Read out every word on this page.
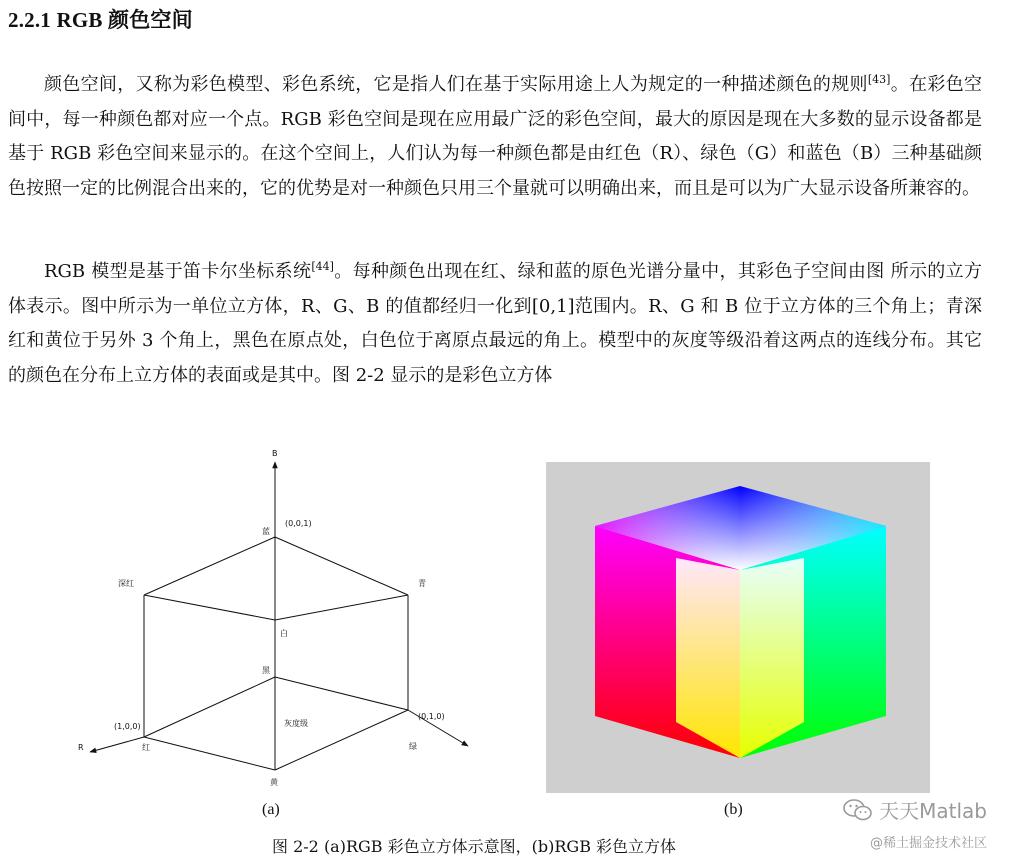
2.2.1 RGB 颜色空间
颜色空间，又称为彩色模型、彩色系统，它是指人们在基于实际用途上人为规定的一种描述颜色的规则[43]。在彩色空间中，每一种颜色都对应一个点。RGB 彩色空间是现在应用最广泛的彩色空间，最大的原因是现在大多数的显示设备都是基于 RGB 彩色空间来显示的。在这个空间上，人们认为每一种颜色都是由红色（R）、绿色（G）和蓝色（B）三种基础颜色按照一定的比例混合出来的，它的优势是对一种颜色只用三个量就可以明确出来，而且是可以为广大显示设备所兼容的。
RGB 模型是基于笛卡尔坐标系统[44]。每种颜色出现在红、绿和蓝的原色光谱分量中，其彩色子空间由图 所示的立方体表示。图中所示为一单位立方体，R、G、B 的值都经归一化到[0,1]范围内。R、G 和 B 位于立方体的三个角上；青深红和黄位于另外 3 个角上，黑色在原点处，白色位于离原点最远的角上。模型中的灰度等级沿着这两点的连线分布。其它的颜色在分布上立方体的表面或是其中。图 2-2 显示的是彩色立方体
B
R
(0,0,1)
蓝
深红	青
白
黑
灰度级
(1,0,0)
红
(0,1,0)
绿
黄
(a)	(b)
图 2-2 (a)RGB 彩色立方体示意图，(b)RGB 彩色立方体
天天Matlab
@稀土掘金技术社区
